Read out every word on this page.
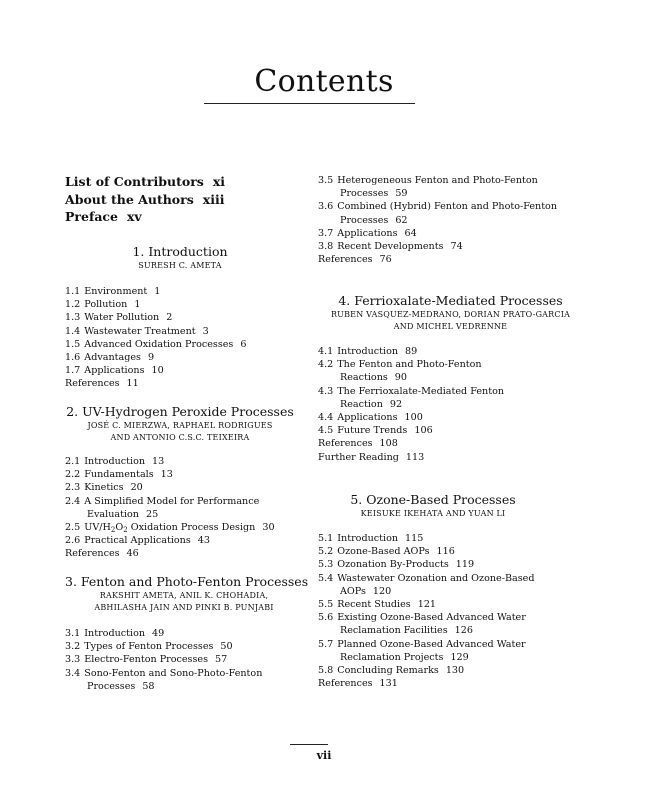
Contents
List of Contributors xi
About the Authors xiii
Preface xv
1. Introduction
SURESH C. AMETA
1.1 Environment 1
1.2 Pollution 1
1.3 Water Pollution 2
1.4 Wastewater Treatment 3
1.5 Advanced Oxidation Processes 6
1.6 Advantages 9
1.7 Applications 10
References 11
2. UV-Hydrogen Peroxide Processes
JOSÉ C. MIERZWA, RAPHAEL RODRIGUES
AND ANTONIO C.S.C. TEIXEIRA
2.1 Introduction 13
2.2 Fundamentals 13
2.3 Kinetics 20
2.4 A Simplified Model for Performance
Evaluation 25
2.5 $UV/H_2O_2$ Oxidation Process Design 30
2.6 Practical Applications 43
References 46
3. Fenton and Photo-Fenton Processes
RAKSHIT AMETA, ANIL K. CHOHADIA,
ABHILASHA JAIN AND PINKI B. PUNJABI
3.1 Introduction 49
3.2 Types of Fenton Processes 50
3.3 Electro-Fenton Processes 57
3.4 Sono-Fenton and Sono-Photo-Fenton
Processes 58
3.5 Heterogeneous Fenton and Photo-Fenton
Processes 59
3.6 Combined (Hybrid) Fenton and Photo-Fenton
Processes 62
3.7 Applications 64
3.8 Recent Developments 74
References 76
4. Ferrioxalate-Mediated Processes
RUBEN VASQUEZ-MEDRANO, DORIAN PRATO-GARCIA
AND MICHEL VEDRENNE
4.1 Introduction 89
4.2 The Fenton and Photo-Fenton
Reactions 90
4.3 The Ferrioxalate-Mediated Fenton
Reaction 92
4.4 Applications 100
4.5 Future Trends 106
References 108
Further Reading 113
5. Ozone-Based Processes
KEISUKE IKEHATA AND YUAN LI
5.1 Introduction 115
5.2 Ozone-Based AOPs 116
5.3 Ozonation By-Products 119
5.4 Wastewater Ozonation and Ozone-Based
AOPs 120
5.5 Recent Studies 121
5.6 Existing Ozone-Based Advanced Water
Reclamation Facilities 126
5.7 Planned Ozone-Based Advanced Water
Reclamation Projects 129
5.8 Concluding Remarks 130
References 131
vii
